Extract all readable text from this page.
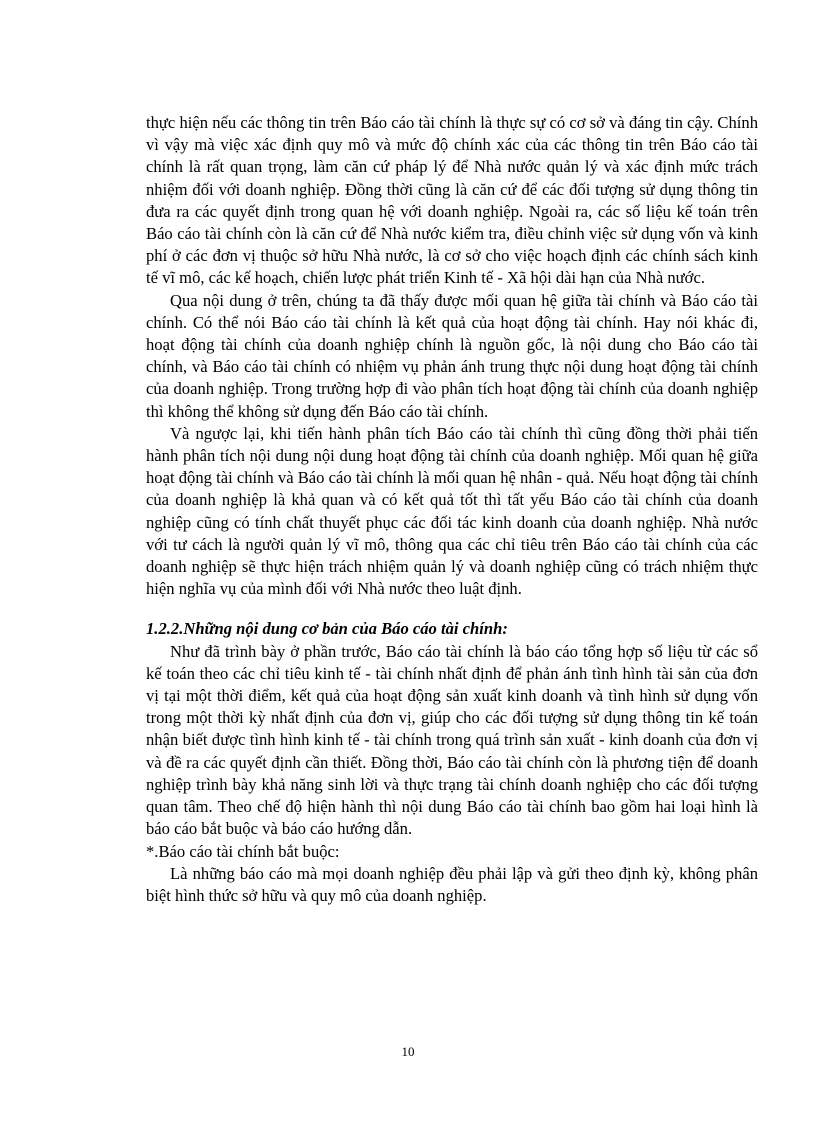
thực hiện nếu các thông tin trên Báo cáo tài chính là thực sự có cơ sở và đáng tin cậy. Chính vì vậy mà việc xác định quy mô và mức độ chính xác của các thông tin trên Báo cáo tài chính là rất quan trọng, làm căn cứ pháp lý để Nhà nước quản lý và xác định mức trách nhiệm đối với doanh nghiệp. Đồng thời cũng là căn cứ để các đối tượng sử dụng thông tin đưa ra các quyết định trong quan hệ với doanh nghiệp. Ngoài ra, các số liệu kế toán trên Báo cáo tài chính còn là căn cứ để Nhà nước kiểm tra, điều chỉnh việc sử dụng vốn và kinh phí ở các đơn vị thuộc sở hữu Nhà nước, là cơ sở cho việc hoạch định các chính sách kinh tế vĩ mô, các kế hoạch, chiến lược phát triển Kinh tế - Xã hội dài hạn của Nhà nước.

Qua nội dung ở trên, chúng ta đã thấy được mối quan hệ giữa tài chính và Báo cáo tài chính. Có thể nói Báo cáo tài chính là kết quả của hoạt động tài chính. Hay nói khác đi, hoạt động tài chính của doanh nghiệp chính là nguồn gốc, là nội dung cho Báo cáo tài chính, và Báo cáo tài chính có nhiệm vụ phản ánh trung thực nội dung hoạt động tài chính của doanh nghiệp. Trong trường hợp đi vào phân tích hoạt động tài chính của doanh nghiệp thì không thể không sử dụng đến Báo cáo tài chính.

Và ngược lại, khi tiến hành phân tích Báo cáo tài chính thì cũng đồng thời phải tiến hành phân tích nội dung nội dung hoạt động tài chính của doanh nghiệp. Mối quan hệ giữa hoạt động tài chính và Báo cáo tài chính là mối quan hệ nhân - quả. Nếu hoạt động tài chính của doanh nghiệp là khả quan và có kết quả tốt thì tất yếu Báo cáo tài chính của doanh nghiệp cũng có tính chất thuyết phục các đối tác kinh doanh của doanh nghiệp. Nhà nước với tư cách là người quản lý vĩ mô, thông qua các chỉ tiêu trên Báo cáo tài chính của các doanh nghiệp sẽ thực hiện trách nhiệm quản lý và doanh nghiệp cũng có trách nhiệm thực hiện nghĩa vụ của mình đối với Nhà nước theo luật định.

1.2.2.Những nội dung cơ bản của Báo cáo tài chính:

Như đã trình bày ở phần trước, Báo cáo tài chính là báo cáo tổng hợp số liệu từ các sổ kế toán theo các chỉ tiêu kinh tế - tài chính nhất định để phản ánh tình hình tài sản của đơn vị tại một thời điểm, kết quả của hoạt động sản xuất kinh doanh và tình hình sử dụng vốn trong một thời kỳ nhất định của đơn vị, giúp cho các đối tượng sử dụng thông tin kế toán nhận biết được tình hình kinh tế - tài chính trong quá trình sản xuất - kinh doanh của đơn vị và đề ra các quyết định cần thiết. Đồng thời, Báo cáo tài chính còn là phương tiện để doanh nghiệp trình bày khả năng sinh lời và thực trạng tài chính doanh nghiệp cho các đối tượng quan tâm. Theo chế độ hiện hành thì nội dung Báo cáo tài chính bao gồm hai loại hình là báo cáo bắt buộc và báo cáo hướng dẫn.

*.Báo cáo tài chính bắt buộc:

Là những báo cáo mà mọi doanh nghiệp đều phải lập và gửi theo định kỳ, không phân biệt hình thức sở hữu và quy mô của doanh nghiệp.

10
